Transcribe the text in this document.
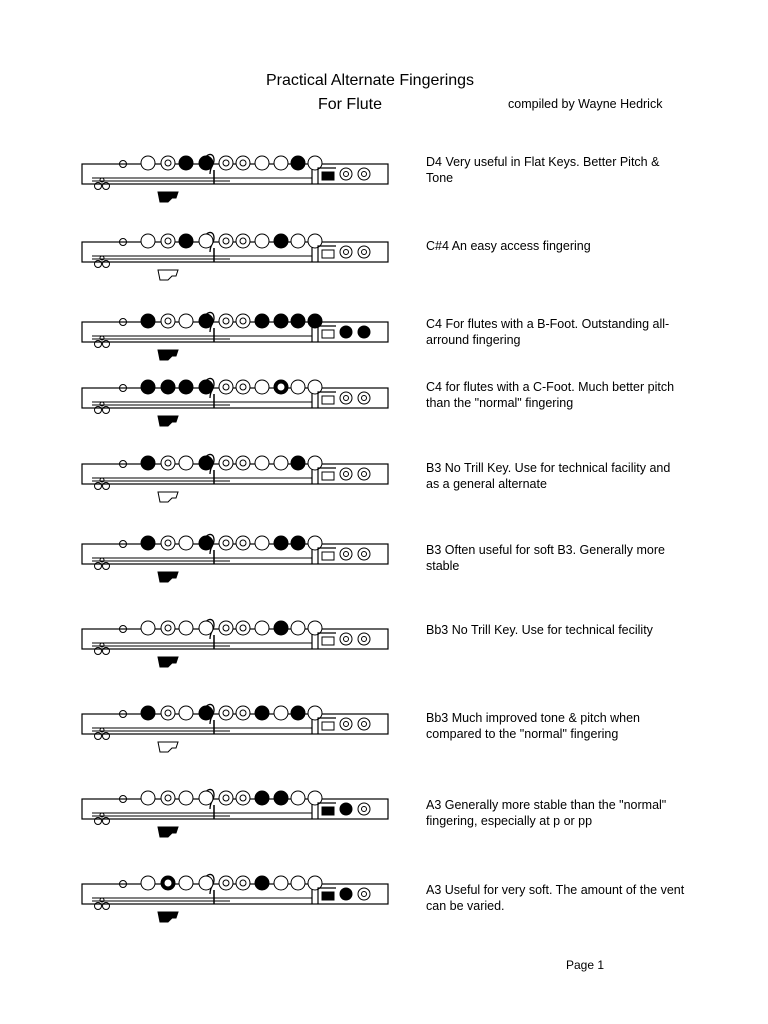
Practical Alternate Fingerings
For Flute	compiled by Wayne Hedrick
D4 Very useful in Flat Keys. Better Pitch & Tone
C#4 An easy access fingering
C4 For flutes with a B-Foot. Outstanding all-arround fingering
C4 for flutes with a C-Foot. Much better pitch than the "normal" fingering
B3 No Trill Key. Use for technical facility and as a general alternate
B3 Often useful for soft B3. Generally more stable
Bb3 No Trill Key. Use for technical fecility
Bb3 Much improved tone & pitch when compared to the "normal" fingering
A3 Generally more stable than the "normal" fingering, especially at p or pp
A3 Useful for very soft. The amount of the vent can be varied.
Page 1
